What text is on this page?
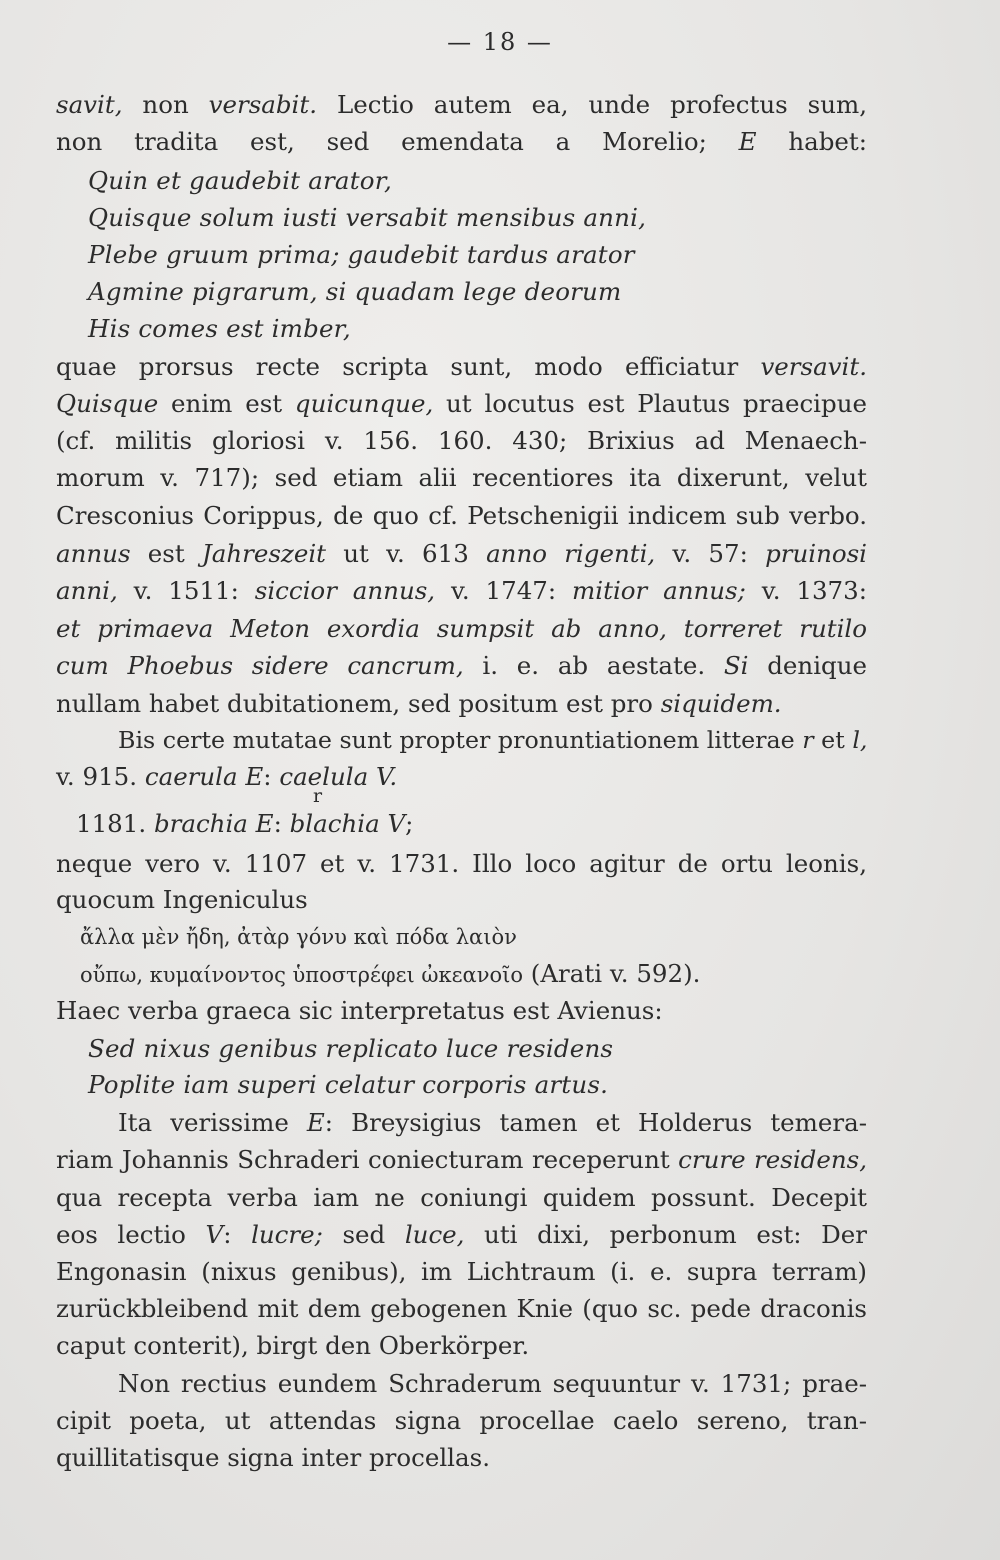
— 18 —
savit, non versabit. Lectio autem ea, unde profectus sum,
non tradita est, sed emendata a Morelio; E habet:
Quin et gaudebit arator,
Quisque solum iusti versabit mensibus anni,
Plebe gruum prima; gaudebit tardus arator
Agmine pigrarum, si quadam lege deorum
His comes est imber,
quae prorsus recte scripta sunt, modo efficiatur versavit.
Quisque enim est quicunque, ut locutus est Plautus praecipue
(cf. militis gloriosi v. 156. 160. 430; Brixius ad Menaech-
morum v. 717); sed etiam alii recentiores ita dixerunt, velut
Cresconius Corippus, de quo cf. Petschenigii indicem sub verbo.
annus est Jahreszeit ut v. 613 anno rigenti, v. 57: pruinosi
anni, v. 1511: siccior annus, v. 1747: mitior annus; v. 1373:
et primaeva Meton exordia sumpsit ab anno, torreret rutilo
cum Phoebus sidere cancrum, i. e. ab aestate. Si denique
nullam habet dubitationem, sed positum est pro siquidem.
Bis certe mutatae sunt propter pronuntiationem litterae r et l,
v. 915. caerula E: caelula V.
r
1181. brachia E: blachia V;
neque vero v. 1107 et v. 1731. Illo loco agitur de ortu leonis,
quocum Ingeniculus
ἄλλα μὲν ἤδη, ἀτὰρ γόνυ καὶ πόδα λαιὸν
οὔπω, κυμαίνοντος ὑποστρέφει ὠκεανοῖο (Arati v. 592).
Haec verba graeca sic interpretatus est Avienus:
Sed nixus genibus replicato luce residens
Poplite iam superi celatur corporis artus.
Ita verissime E: Breysigius tamen et Holderus temera-
riam Johannis Schraderi coniecturam receperunt crure residens,
qua recepta verba iam ne coniungi quidem possunt. Decepit
eos lectio V: lucre; sed luce, uti dixi, perbonum est: Der
Engonasin (nixus genibus), im Lichtraum (i. e. supra terram)
zurückbleibend mit dem gebogenen Knie (quo sc. pede draconis
caput conterit), birgt den Oberkörper.
Non rectius eundem Schraderum sequuntur v. 1731; prae-
cipit poeta, ut attendas signa procellae caelo sereno, tran-
quillitatisque signa inter procellas.
